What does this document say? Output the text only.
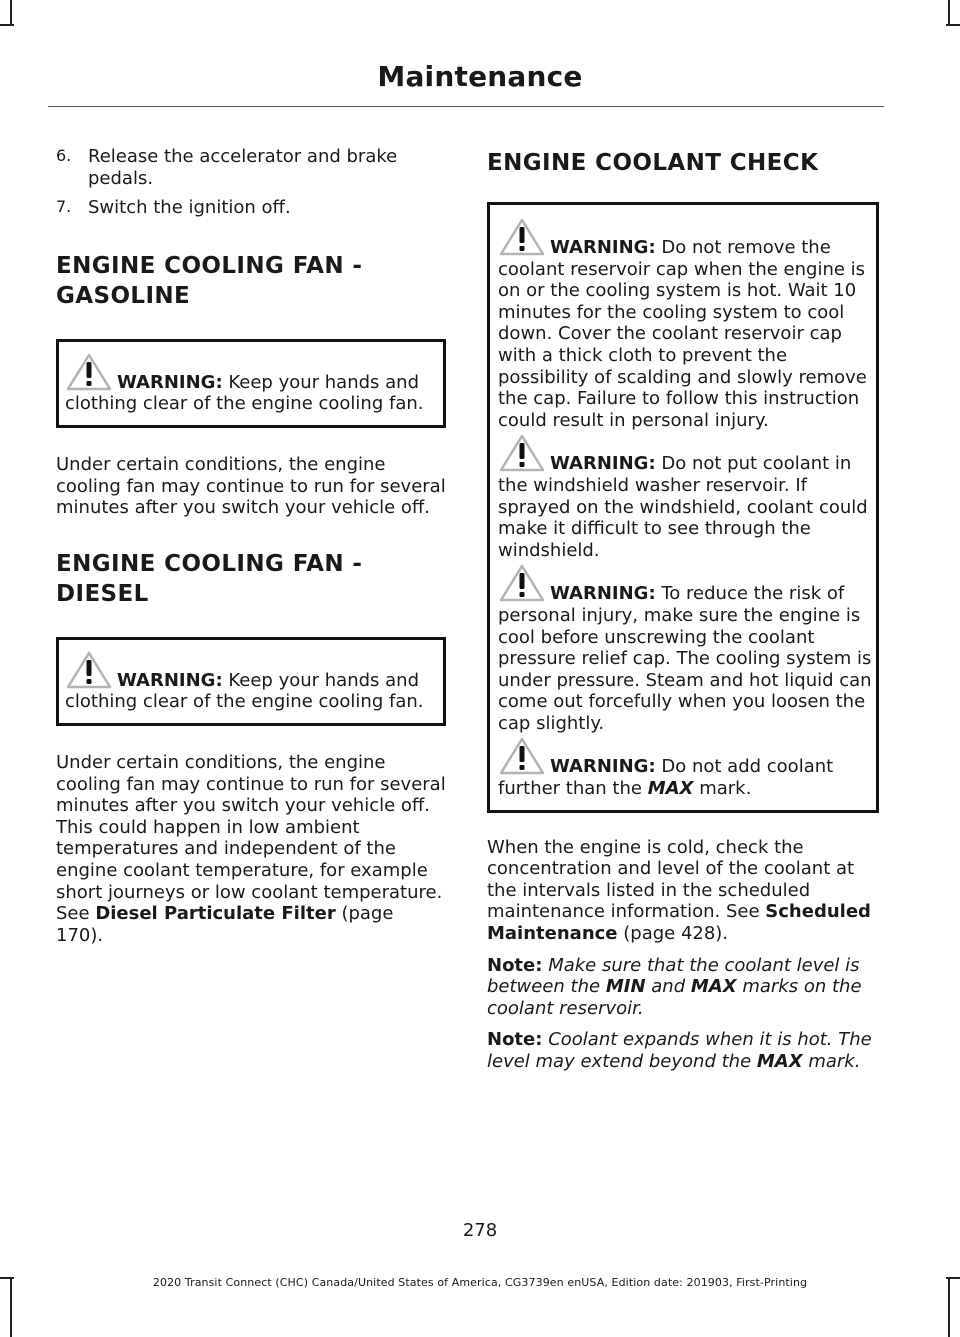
Maintenance
6. Release the accelerator and brake pedals.

7. Switch the ignition off.

ENGINE COOLING FAN -
GASOLINE

WARNING: Keep your hands and clothing clear of the engine cooling fan.

Under certain conditions, the engine cooling fan may continue to run for several minutes after you switch your vehicle off.

ENGINE COOLING FAN -
DIESEL

WARNING: Keep your hands and clothing clear of the engine cooling fan.

Under certain conditions, the engine cooling fan may continue to run for several minutes after you switch your vehicle off. This could happen in low ambient temperatures and independent of the engine coolant temperature, for example short journeys or low coolant temperature. See Diesel Particulate Filter (page 170).

ENGINE COOLANT CHECK

WARNING: Do not remove the coolant reservoir cap when the engine is on or the cooling system is hot. Wait 10 minutes for the cooling system to cool down. Cover the coolant reservoir cap with a thick cloth to prevent the possibility of scalding and slowly remove the cap. Failure to follow this instruction could result in personal injury.

WARNING: Do not put coolant in the windshield washer reservoir. If sprayed on the windshield, coolant could make it difficult to see through the windshield.

WARNING: To reduce the risk of personal injury, make sure the engine is cool before unscrewing the coolant pressure relief cap. The cooling system is under pressure. Steam and hot liquid can come out forcefully when you loosen the cap slightly.

WARNING: Do not add coolant further than the MAX mark.

When the engine is cold, check the concentration and level of the coolant at the intervals listed in the scheduled maintenance information. See Scheduled Maintenance (page 428).

Note: Make sure that the coolant level is between the MIN and MAX marks on the coolant reservoir.

Note: Coolant expands when it is hot. The level may extend beyond the MAX mark.

278
2020 Transit Connect (CHC) Canada/United States of America, CG3739en enUSA, Edition date: 201903, First-Printing
